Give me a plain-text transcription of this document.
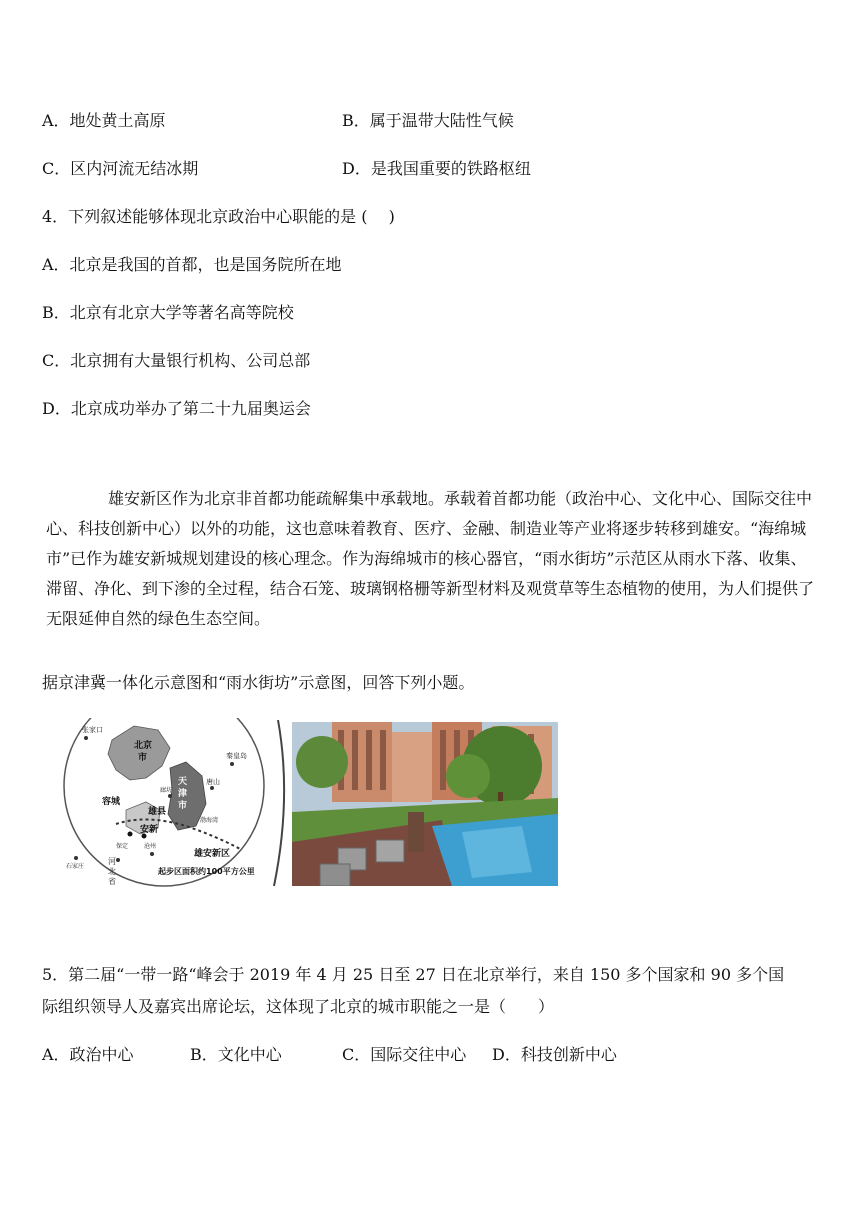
A．地处黄土高原	B．属于温带大陆性气候
C．区内河流无结冰期	D．是我国重要的铁路枢纽
4．下列叙述能够体现北京政治中心职能的是 (　 )
A．北京是我国的首都，也是国务院所在地
B．北京有北京大学等著名高等院校
C．北京拥有大量银行机构、公司总部
D．北京成功举办了第二十九届奥运会
雄安新区作为北京非首都功能疏解集中承载地。承载着首都功能（政治中心、文化中心、国际交往中心、科技创新中心）以外的功能，这也意味着教育、医疗、金融、制造业等产业将逐步转移到雄安。“海绵城市”已作为雄安新城规划建设的核心理念。作为海绵城市的核心器官，“雨水街坊”示范区从雨水下落、收集、滞留、净化、到下渗的全过程，结合石笼、玻璃钢格栅等新型材料及观赏草等生态植物的使用，为人们提供了无限延伸自然的绿色生态空间。
据京津冀一体化示意图和“雨水街坊”示意图，回答下列小题。
张家口
北京
市	秦皇岛
唐山
天
津
市
廊坊
容城
雄县
安新
渤海湾
保定	沧州
石家庄
河
北
省
雄安新区
起步区面积约100平方公里
5．第二届“一带一路“峰会于 2019 年 4 月 25 日至 27 日在北京举行，来自 150 多个国家和 90 多个国
际组织领导人及嘉宾出席论坛，这体现了北京的城市职能之一是（　　）
A．政治中心	B．文化中心	C．国际交往中心 D．科技创新中心
